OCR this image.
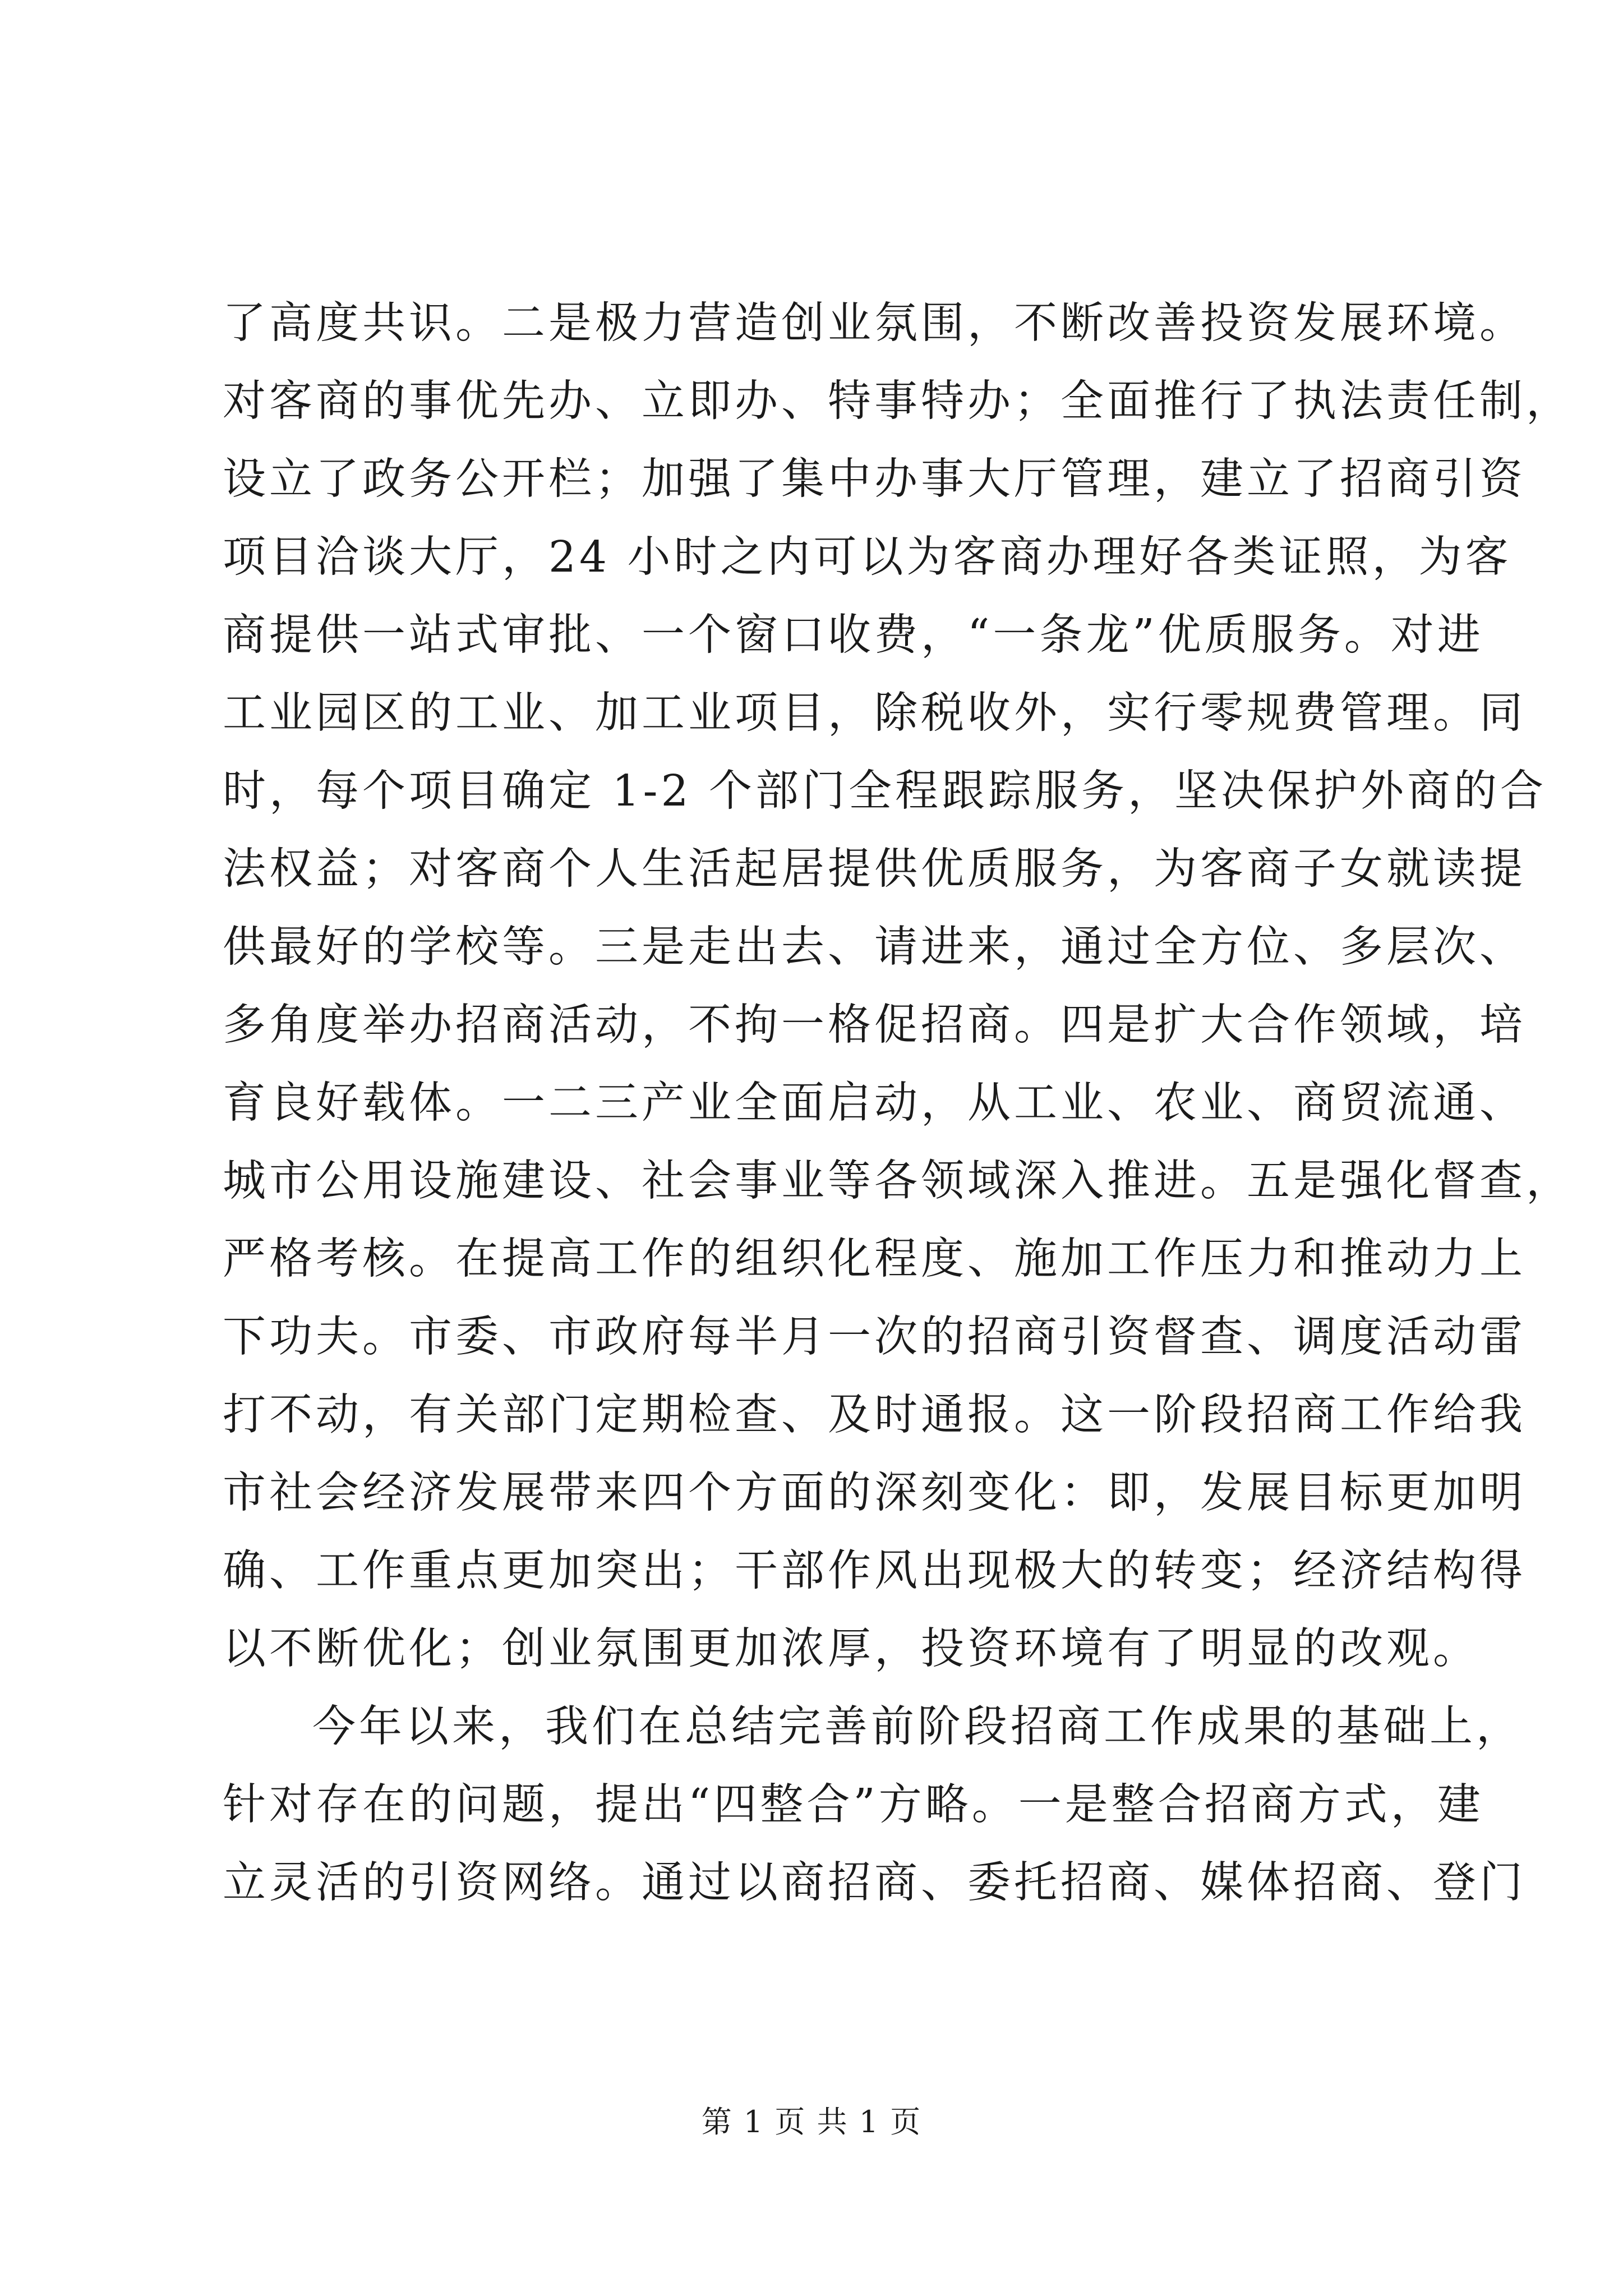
了高度共识。二是极力营造创业氛围，不断改善投资发展环境。
对客商的事优先办、立即办、特事特办；全面推行了执法责任制，
设立了政务公开栏；加强了集中办事大厅管理，建立了招商引资
项目洽谈大厅，24 小时之内可以为客商办理好各类证照，为客
商提供一站式审批、一个窗口收费，“一条龙”优质服务。对进
工业园区的工业、加工业项目，除税收外，实行零规费管理。同
时，每个项目确定 1-2 个部门全程跟踪服务，坚决保护外商的合
法权益；对客商个人生活起居提供优质服务，为客商子女就读提
供最好的学校等。三是走出去、请进来，通过全方位、多层次、
多角度举办招商活动，不拘一格促招商。四是扩大合作领域，培
育良好载体。一二三产业全面启动，从工业、农业、商贸流通、
城市公用设施建设、社会事业等各领域深入推进。五是强化督查，
严格考核。在提高工作的组织化程度、施加工作压力和推动力上
下功夫。市委、市政府每半月一次的招商引资督查、调度活动雷
打不动，有关部门定期检查、及时通报。这一阶段招商工作给我
市社会经济发展带来四个方面的深刻变化：即，发展目标更加明
确、工作重点更加突出；干部作风出现极大的转变；经济结构得
以不断优化；创业氛围更加浓厚，投资环境有了明显的改观。
今年以来，我们在总结完善前阶段招商工作成果的基础上，
针对存在的问题，提出“四整合”方略。一是整合招商方式，建
立灵活的引资网络。通过以商招商、委托招商、媒体招商、登门
第 1 页 共 1 页
